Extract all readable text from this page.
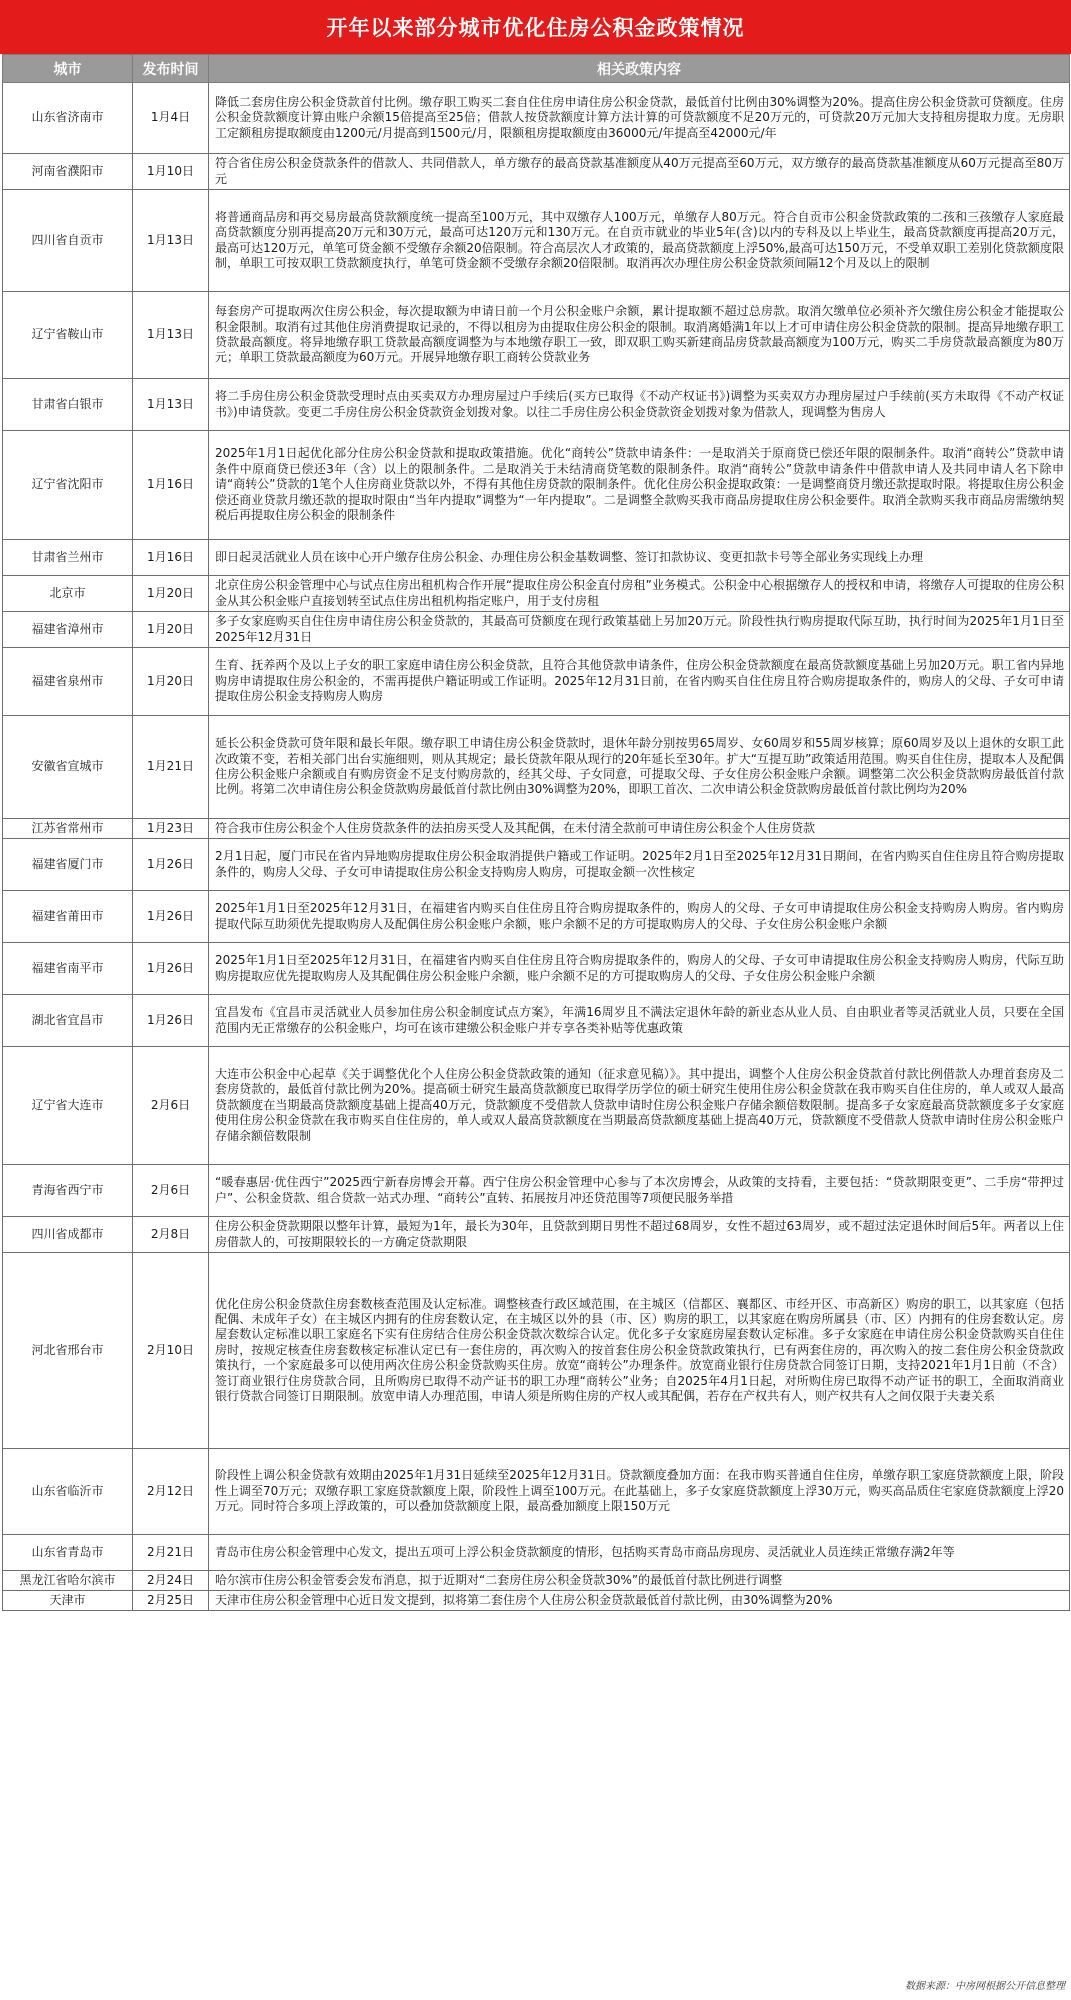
开年以来部分城市优化住房公积金政策情况
城市	发布时间	相关政策内容
山东省济南市	1月4日	降低二套房住房公积金贷款首付比例。缴存职工购买二套自住住房申请住房公积金贷款，最低首付比例由30%调整为20%。提高住房公积金贷款可贷额度。住房公积金贷款额度计算由账户余额15倍提高至25倍；借款人按贷款额度计算方法计算的可贷款额度不足20万元的，可贷款20万元加大支持租房提取力度。无房职工定额租房提取额度由1200元/月提高到1500元/月，限额租房提取额度由36000元/年提高至42000元/年
河南省濮阳市	1月10日	符合省住房公积金贷款条件的借款人、共同借款人，单方缴存的最高贷款基准额度从40万元提高至60万元，双方缴存的最高贷款基准额度从60万元提高至80万元
四川省自贡市	1月13日	将普通商品房和再交易房最高贷款额度统一提高至100万元，其中双缴存人100万元，单缴存人80万元。符合自贡市公积金贷款政策的二孩和三孩缴存人家庭最高贷款额度分别再提高20万元和30万元，最高可达120万元和130万元。在自贡市就业的毕业5年(含)以内的专科及以上毕业生，最高贷款额度再提高20万元，最高可达120万元，单笔可贷金额不受缴存余额20倍限制。符合高层次人才政策的，最高贷款额度上浮50%,最高可达150万元，不受单双职工差别化贷款额度限制，单职工可按双职工贷款额度执行，单笔可贷金额不受缴存余额20倍限制。取消再次办理住房公积金贷款须间隔12个月及以上的限制
辽宁省鞍山市	1月13日	每套房产可提取两次住房公积金，每次提取额为申请日前一个月公积金账户余额，累计提取额不超过总房款。取消欠缴单位必须补齐欠缴住房公积金才能提取公积金限制。取消有过其他住房消费提取记录的，不得以租房为由提取住房公积金的限制。取消离婚满1年以上才可申请住房公积金贷款的限制。提高异地缴存职工贷款最高额度。将异地缴存职工贷款最高额度调整为与本地缴存职工一致，即双职工购买新建商品房贷款最高额度为100万元，购买二手房贷款最高额度为80万元；单职工贷款最高额度为60万元。开展异地缴存职工商转公贷款业务
甘肃省白银市	1月13日	将二手房住房公积金贷款受理时点由买卖双方办理房屋过户手续后(买方已取得《不动产权证书》)调整为买卖双方办理房屋过户手续前(买方未取得《不动产权证书》)申请贷款。变更二手房住房公积金贷款资金划拨对象。以往二手房住房公积金贷款资金划拨对象为借款人，现调整为售房人
辽宁省沈阳市	1月16日	2025年1月1日起优化部分住房公积金贷款和提取政策措施。优化“商转公”贷款申请条件：一是取消关于原商贷已偿还年限的限制条件。取消“商转公”贷款申请条件中原商贷已偿还3年（含）以上的限制条件。二是取消关于未结清商贷笔数的限制条件。取消“商转公”贷款申请条件中借款申请人及共同申请人名下除申请“商转公”贷款的1笔个人住房商业贷款以外，不得有其他住房贷款的限制条件。优化住房公积金提取政策：一是调整商贷月缴还款提取时限。将提取住房公积金偿还商业贷款月缴还款的提取时限由“当年内提取”调整为“一年内提取”。二是调整全款购买我市商品房提取住房公积金要件。取消全款购买我市商品房需缴纳契税后再提取住房公积金的限制条件
甘肃省兰州市	1月16日	即日起灵活就业人员在该中心开户缴存住房公积金、办理住房公积金基数调整、签订扣款协议、变更扣款卡号等全部业务实现线上办理
北京市	1月20日	北京住房公积金管理中心与试点住房出租机构合作开展“提取住房公积金直付房租”业务模式。公积金中心根据缴存人的授权和申请，将缴存人可提取的住房公积金从其公积金账户直接划转至试点住房出租机构指定账户，用于支付房租
福建省漳州市	1月20日	多子女家庭购买自住住房申请住房公积金贷款的，其最高可贷额度在现行政策基础上另加20万元。阶段性执行购房提取代际互助，执行时间为2025年1月1日至2025年12月31日
福建省泉州市	1月20日	生育、抚养两个及以上子女的职工家庭申请住房公积金贷款，且符合其他贷款申请条件，住房公积金贷款额度在最高贷款额度基础上另加20万元。职工省内异地购房申请提取住房公积金的，不需再提供户籍证明或工作证明。2025年12月31日前，在省内购买自住住房且符合购房提取条件的，购房人的父母、子女可申请提取住房公积金支持购房人购房
安徽省宣城市	1月21日	延长公积金贷款可贷年限和最长年限。缴存职工申请住房公积金贷款时，退休年龄分别按男65周岁、女60周岁和55周岁核算；原60周岁及以上退休的女职工此次政策不变，若相关部门出台实施细则，则从其规定；最长贷款年限从现行的20年延长至30年。扩大“互提互助”政策适用范围。购买自住住房，提取本人及配偶住房公积金账户余额或自有购房资金不足支付购房款的，经其父母、子女同意，可提取父母、子女住房公积金账户余额。调整第二次公积金贷款购房最低首付款比例。将第二次申请住房公积金贷款购房最低首付款比例由30%调整为20%，即职工首次、二次申请公积金贷款购房最低首付款比例均为20%
江苏省常州市	1月23日	符合我市住房公积金个人住房贷款条件的法拍房买受人及其配偶，在未付清全款前可申请住房公积金个人住房贷款
福建省厦门市	1月26日	2月1日起，厦门市民在省内异地购房提取住房公积金取消提供户籍或工作证明。2025年2月1日至2025年12月31日期间，在省内购买自住住房且符合购房提取条件的，购房人父母、子女可申请提取住房公积金支持购房人购房，可提取金额一次性核定
福建省莆田市	1月26日	2025年1月1日至2025年12月31日，在福建省内购买自住住房且符合购房提取条件的，购房人的父母、子女可申请提取住房公积金支持购房人购房。省内购房提取代际互助须优先提取购房人及配偶住房公积金账户余额，账户余额不足的方可提取购房人的父母、子女住房公积金账户余额
福建省南平市	1月26日	2025年1月1日至2025年12月31日，在福建省内购买自住住房且符合购房提取条件的，购房人的父母、子女可申请提取住房公积金支持购房人购房，代际互助购房提取应优先提取购房人及其配偶住房公积金账户余额，账户余额不足的方可提取购房人的父母、子女住房公积金账户余额
湖北省宜昌市	1月26日	宜昌发布《宜昌市灵活就业人员参加住房公积金制度试点方案》，年满16周岁且不满法定退休年龄的新业态从业人员、自由职业者等灵活就业人员，只要在全国范围内无正常缴存的公积金账户，均可在该市建缴公积金账户并专享各类补贴等优惠政策
辽宁省大连市	2月6日	大连市公积金中心起草《关于调整优化个人住房公积金贷款政策的通知（征求意见稿）》。其中提出，调整个人住房公积金贷款首付款比例借款人办理首套房及二套房贷款的，最低首付款比例为20%。提高硕士研究生最高贷款额度已取得学历学位的硕士研究生使用住房公积金贷款在我市购买自住住房的，单人或双人最高贷款额度在当期最高贷款额度基础上提高40万元，贷款额度不受借款人贷款申请时住房公积金账户存储余额倍数限制。提高多子女家庭最高贷款额度多子女家庭使用住房公积金贷款在我市购买自住住房的，单人或双人最高贷款额度在当期最高贷款额度基础上提高40万元，贷款额度不受借款人贷款申请时住房公积金账户存储余额倍数限制
青海省西宁市	2月6日	“暖春惠居·优住西宁”2025西宁新春房博会开幕。西宁住房公积金管理中心参与了本次房博会，从政策的支持看，主要包括：“贷款期限变更”、二手房“带押过户”、公积金贷款、组合贷款一站式办理、“商转公”直转、拓展按月冲还贷范围等7项便民服务举措
四川省成都市	2月8日	住房公积金贷款期限以整年计算，最短为1年，最长为30年，且贷款到期日男性不超过68周岁，女性不超过63周岁，或不超过法定退休时间后5年。两者以上住房借款人的，可按期限较长的一方确定贷款期限
河北省邢台市	2月10日	优化住房公积金贷款住房套数核查范围及认定标准。调整核查行政区域范围，在主城区（信都区、襄都区、市经开区、市高新区）购房的职工，以其家庭（包括配偶、未成年子女）在主城区内拥有的住房套数认定，在主城区以外的县（市、区）购房的职工，以其家庭在购房所属县（市、区）内拥有的住房套数认定。房屋套数认定标准以职工家庭名下实有住房结合住房公积金贷款次数综合认定。优化多子女家庭房屋套数认定标准。多子女家庭在申请住房公积金贷款购买自住住房时，按规定核查住房套数核定标准认定已有一套住房的，再次购入的按首套住房公积金贷款政策执行，已有两套住房的，再次购入的按二套住房公积金贷款政策执行，一个家庭最多可以使用两次住房公积金贷款购买住房。放宽“商转公”办理条件。放宽商业银行住房贷款合同签订日期，支持2021年1月1日前（不含）签订商业银行住房贷款合同，且所购房已取得不动产证书的职工办理“商转公”业务；自2025年4月1日起，对所购住房已取得不动产证书的职工，全面取消商业银行贷款合同签订日期限制。放宽申请人办理范围，申请人须是所购住房的产权人或其配偶，若存在产权共有人，则产权共有人之间仅限于夫妻关系
山东省临沂市	2月12日	阶段性上调公积金贷款有效期由2025年1月31日延续至2025年12月31日。贷款额度叠加方面：在我市购买普通自住住房，单缴存职工家庭贷款额度上限，阶段性上调至70万元；双缴存职工家庭贷款额度上限，阶段性上调至100万元。在此基础上，多子女家庭贷款额度上浮30万元，购买高品质住宅家庭贷款额度上浮20万元。同时符合多项上浮政策的，可以叠加贷款额度上限，最高叠加额度上限150万元
山东省青岛市	2月21日	青岛市住房公积金管理中心发文，提出五项可上浮公积金贷款额度的情形，包括购买青岛市商品房现房、灵活就业人员连续正常缴存满2年等
黑龙江省哈尔滨市	2月24日	哈尔滨市住房公积金管委会发布消息，拟于近期对“二套房住房公积金贷款30%”的最低首付款比例进行调整
天津市	2月25日	天津市住房公积金管理中心近日发文提到，拟将第二套住房个人住房公积金贷款最低首付款比例，由30%调整为20%
数据来源：中房网根据公开信息整理
